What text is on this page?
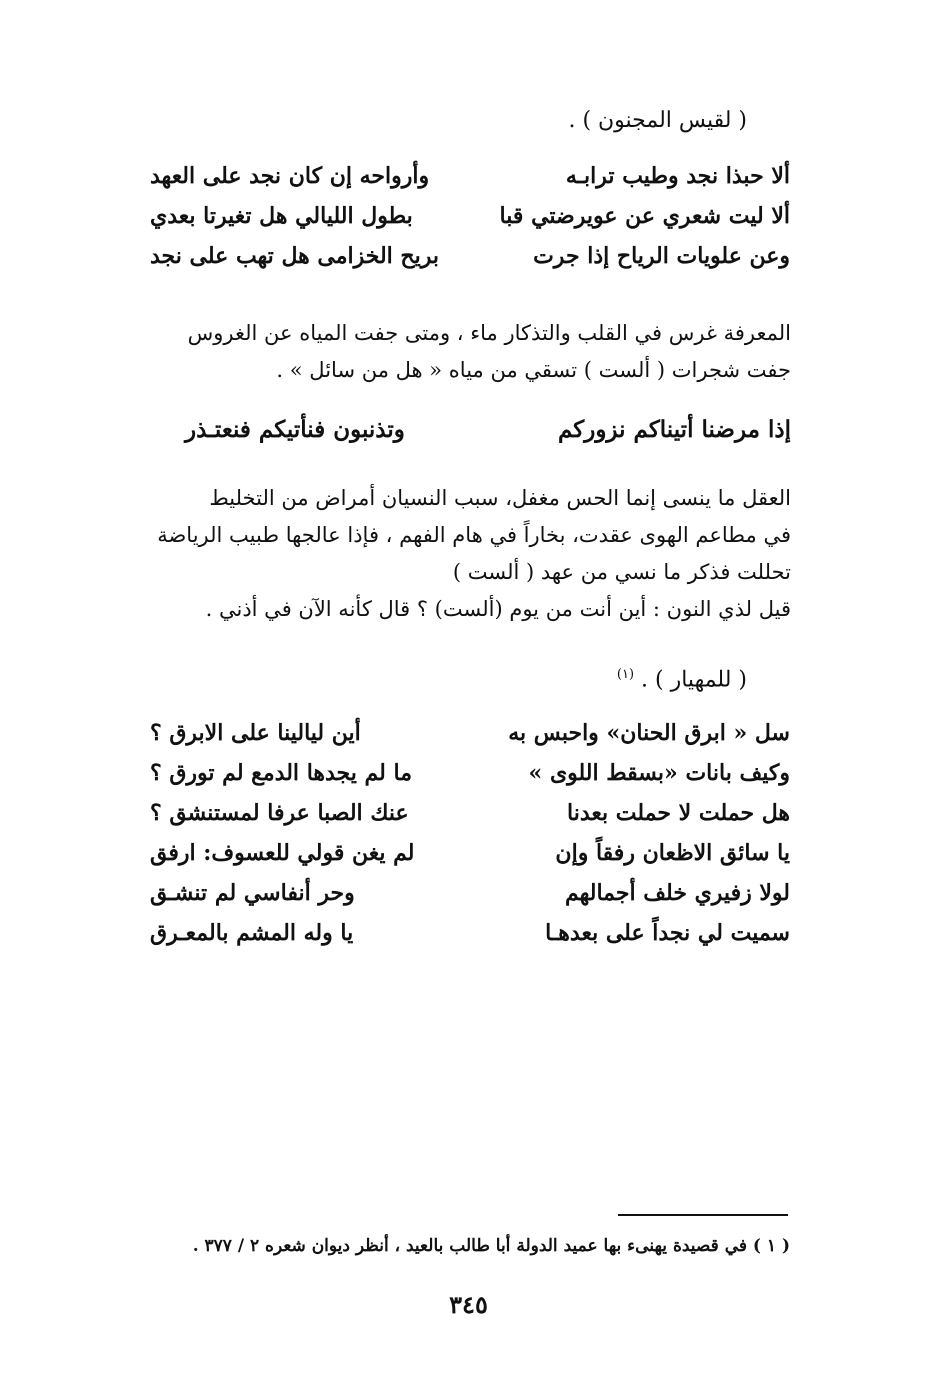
( لقيس المجنون ) .
ألا حبذا نجد وطيب ترابـه
وأرواحه إن كان نجد على العهد
ألا ليت شعري عن عويرضتي قبا
بطول الليالي هل تغيرتا بعدي
وعن علويات الرياح إذا جرت
بريح الخزامى هل تهب على نجد
المعرفة غرس في القلب والتذكار ماء ، ومتى جفت المياه عن الغروس
جفت شجرات ( ألست ) تسقي من مياه « هل من سائل » .
إذا مرضنا أتيناكم نزوركم
وتذنبون فنأتيكم فنعتـذر
العقل ما ينسى إنما الحس مغفل، سبب النسيان أمراض من التخليط
في مطاعم الهوى عقدت، بخاراً في هام الفهم ، فإذا عالجها طبيب الرياضة
تحللت فذكر ما نسي من عهد ( ألست )
قيل لذي النون : أين أنت من يوم (ألست) ؟ قال كأنه الآن في أذني .
( للمهيار ) . $^{(١)}$
سل « ابرق الحنان» واحبس به
أين ليالينا على الابرق ؟
وكيف بانات «بسقط اللوى »
ما لم يجدها الدمع لم تورق ؟
هل حملت لا حملت بعدنا
عنك الصبا عرفا لمستنشق ؟
يا سائق الاظعان رفقاً وإن
لم يغن قولي للعسوف: ارفق
لولا زفيري خلف أجمالهم
وحر أنفاسي لم تنشـق
سميت لي نجداً على بعدهـا
يا وله المشم بالمعـرق
( ١ ) في قصيدة يهنىء بها عميد الدولة أبا طالب بالعيد ، أنظر ديوان شعره ٢ / ٣٧٧ .
٣٤٥
